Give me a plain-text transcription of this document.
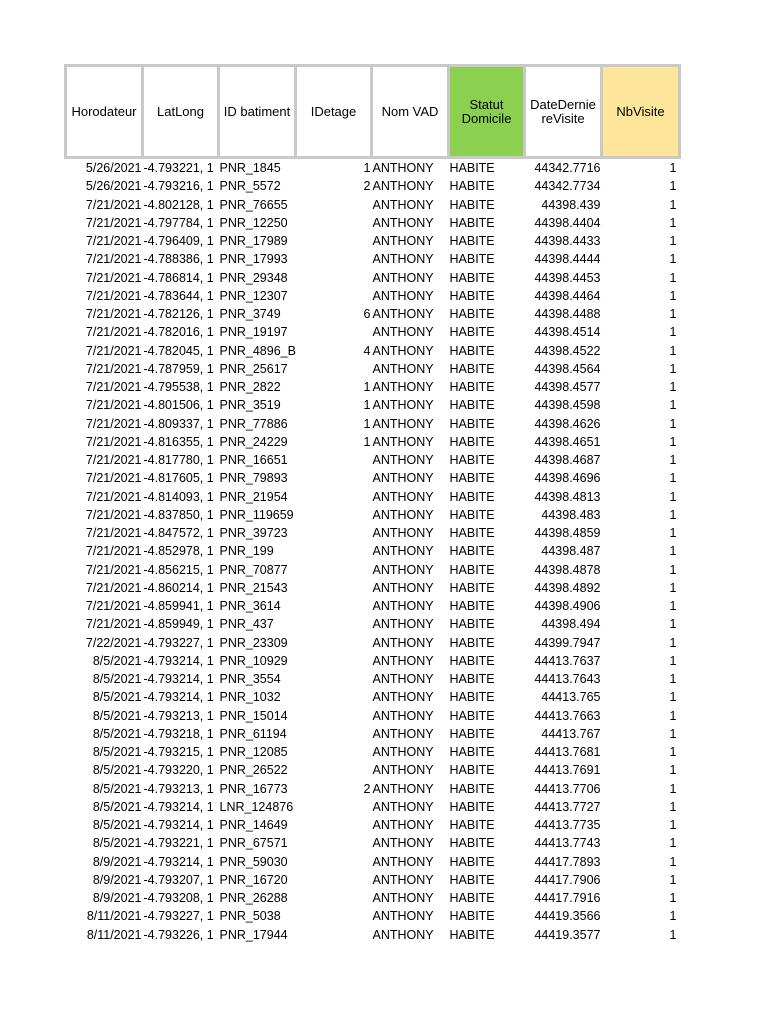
Horodateur	LatLong	ID batiment	IDetage	Nom VAD	Statut Domicile	DateDerniereVisite	NbVisite
5/26/2021	-4.793221, 1	PNR_1845	1	ANTHONY	HABITE	44342.7716	1
5/26/2021	-4.793216, 1	PNR_5572	2	ANTHONY	HABITE	44342.7734	1
7/21/2021	-4.802128, 1	PNR_76655		ANTHONY	HABITE	44398.439	1
7/21/2021	-4.797784, 1	PNR_12250		ANTHONY	HABITE	44398.4404	1
7/21/2021	-4.796409, 1	PNR_17989		ANTHONY	HABITE	44398.4433	1
7/21/2021	-4.788386, 1	PNR_17993		ANTHONY	HABITE	44398.4444	1
7/21/2021	-4.786814, 1	PNR_29348		ANTHONY	HABITE	44398.4453	1
7/21/2021	-4.783644, 1	PNR_12307		ANTHONY	HABITE	44398.4464	1
7/21/2021	-4.782126, 1	PNR_3749	6	ANTHONY	HABITE	44398.4488	1
7/21/2021	-4.782016, 1	PNR_19197		ANTHONY	HABITE	44398.4514	1
7/21/2021	-4.782045, 1	PNR_4896_B	4	ANTHONY	HABITE	44398.4522	1
7/21/2021	-4.787959, 1	PNR_25617		ANTHONY	HABITE	44398.4564	1
7/21/2021	-4.795538, 1	PNR_2822	1	ANTHONY	HABITE	44398.4577	1
7/21/2021	-4.801506, 1	PNR_3519	1	ANTHONY	HABITE	44398.4598	1
7/21/2021	-4.809337, 1	PNR_77886	1	ANTHONY	HABITE	44398.4626	1
7/21/2021	-4.816355, 1	PNR_24229	1	ANTHONY	HABITE	44398.4651	1
7/21/2021	-4.817780, 1	PNR_16651		ANTHONY	HABITE	44398.4687	1
7/21/2021	-4.817605, 1	PNR_79893		ANTHONY	HABITE	44398.4696	1
7/21/2021	-4.814093, 1	PNR_21954		ANTHONY	HABITE	44398.4813	1
7/21/2021	-4.837850, 1	PNR_119659		ANTHONY	HABITE	44398.483	1
7/21/2021	-4.847572, 1	PNR_39723		ANTHONY	HABITE	44398.4859	1
7/21/2021	-4.852978, 1	PNR_199		ANTHONY	HABITE	44398.487	1
7/21/2021	-4.856215, 1	PNR_70877		ANTHONY	HABITE	44398.4878	1
7/21/2021	-4.860214, 1	PNR_21543		ANTHONY	HABITE	44398.4892	1
7/21/2021	-4.859941, 1	PNR_3614		ANTHONY	HABITE	44398.4906	1
7/21/2021	-4.859949, 1	PNR_437		ANTHONY	HABITE	44398.494	1
7/22/2021	-4.793227, 1	PNR_23309		ANTHONY	HABITE	44399.7947	1
8/5/2021	-4.793214, 1	PNR_10929		ANTHONY	HABITE	44413.7637	1
8/5/2021	-4.793214, 1	PNR_3554		ANTHONY	HABITE	44413.7643	1
8/5/2021	-4.793214, 1	PNR_1032		ANTHONY	HABITE	44413.765	1
8/5/2021	-4.793213, 1	PNR_15014		ANTHONY	HABITE	44413.7663	1
8/5/2021	-4.793218, 1	PNR_61194		ANTHONY	HABITE	44413.767	1
8/5/2021	-4.793215, 1	PNR_12085		ANTHONY	HABITE	44413.7681	1
8/5/2021	-4.793220, 1	PNR_26522		ANTHONY	HABITE	44413.7691	1
8/5/2021	-4.793213, 1	PNR_16773	2	ANTHONY	HABITE	44413.7706	1
8/5/2021	-4.793214, 1	LNR_124876		ANTHONY	HABITE	44413.7727	1
8/5/2021	-4.793214, 1	PNR_14649		ANTHONY	HABITE	44413.7735	1
8/5/2021	-4.793221, 1	PNR_67571		ANTHONY	HABITE	44413.7743	1
8/9/2021	-4.793214, 1	PNR_59030		ANTHONY	HABITE	44417.7893	1
8/9/2021	-4.793207, 1	PNR_16720		ANTHONY	HABITE	44417.7906	1
8/9/2021	-4.793208, 1	PNR_26288		ANTHONY	HABITE	44417.7916	1
8/11/2021	-4.793227, 1	PNR_5038		ANTHONY	HABITE	44419.3566	1
8/11/2021	-4.793226, 1	PNR_17944		ANTHONY	HABITE	44419.3577	1
